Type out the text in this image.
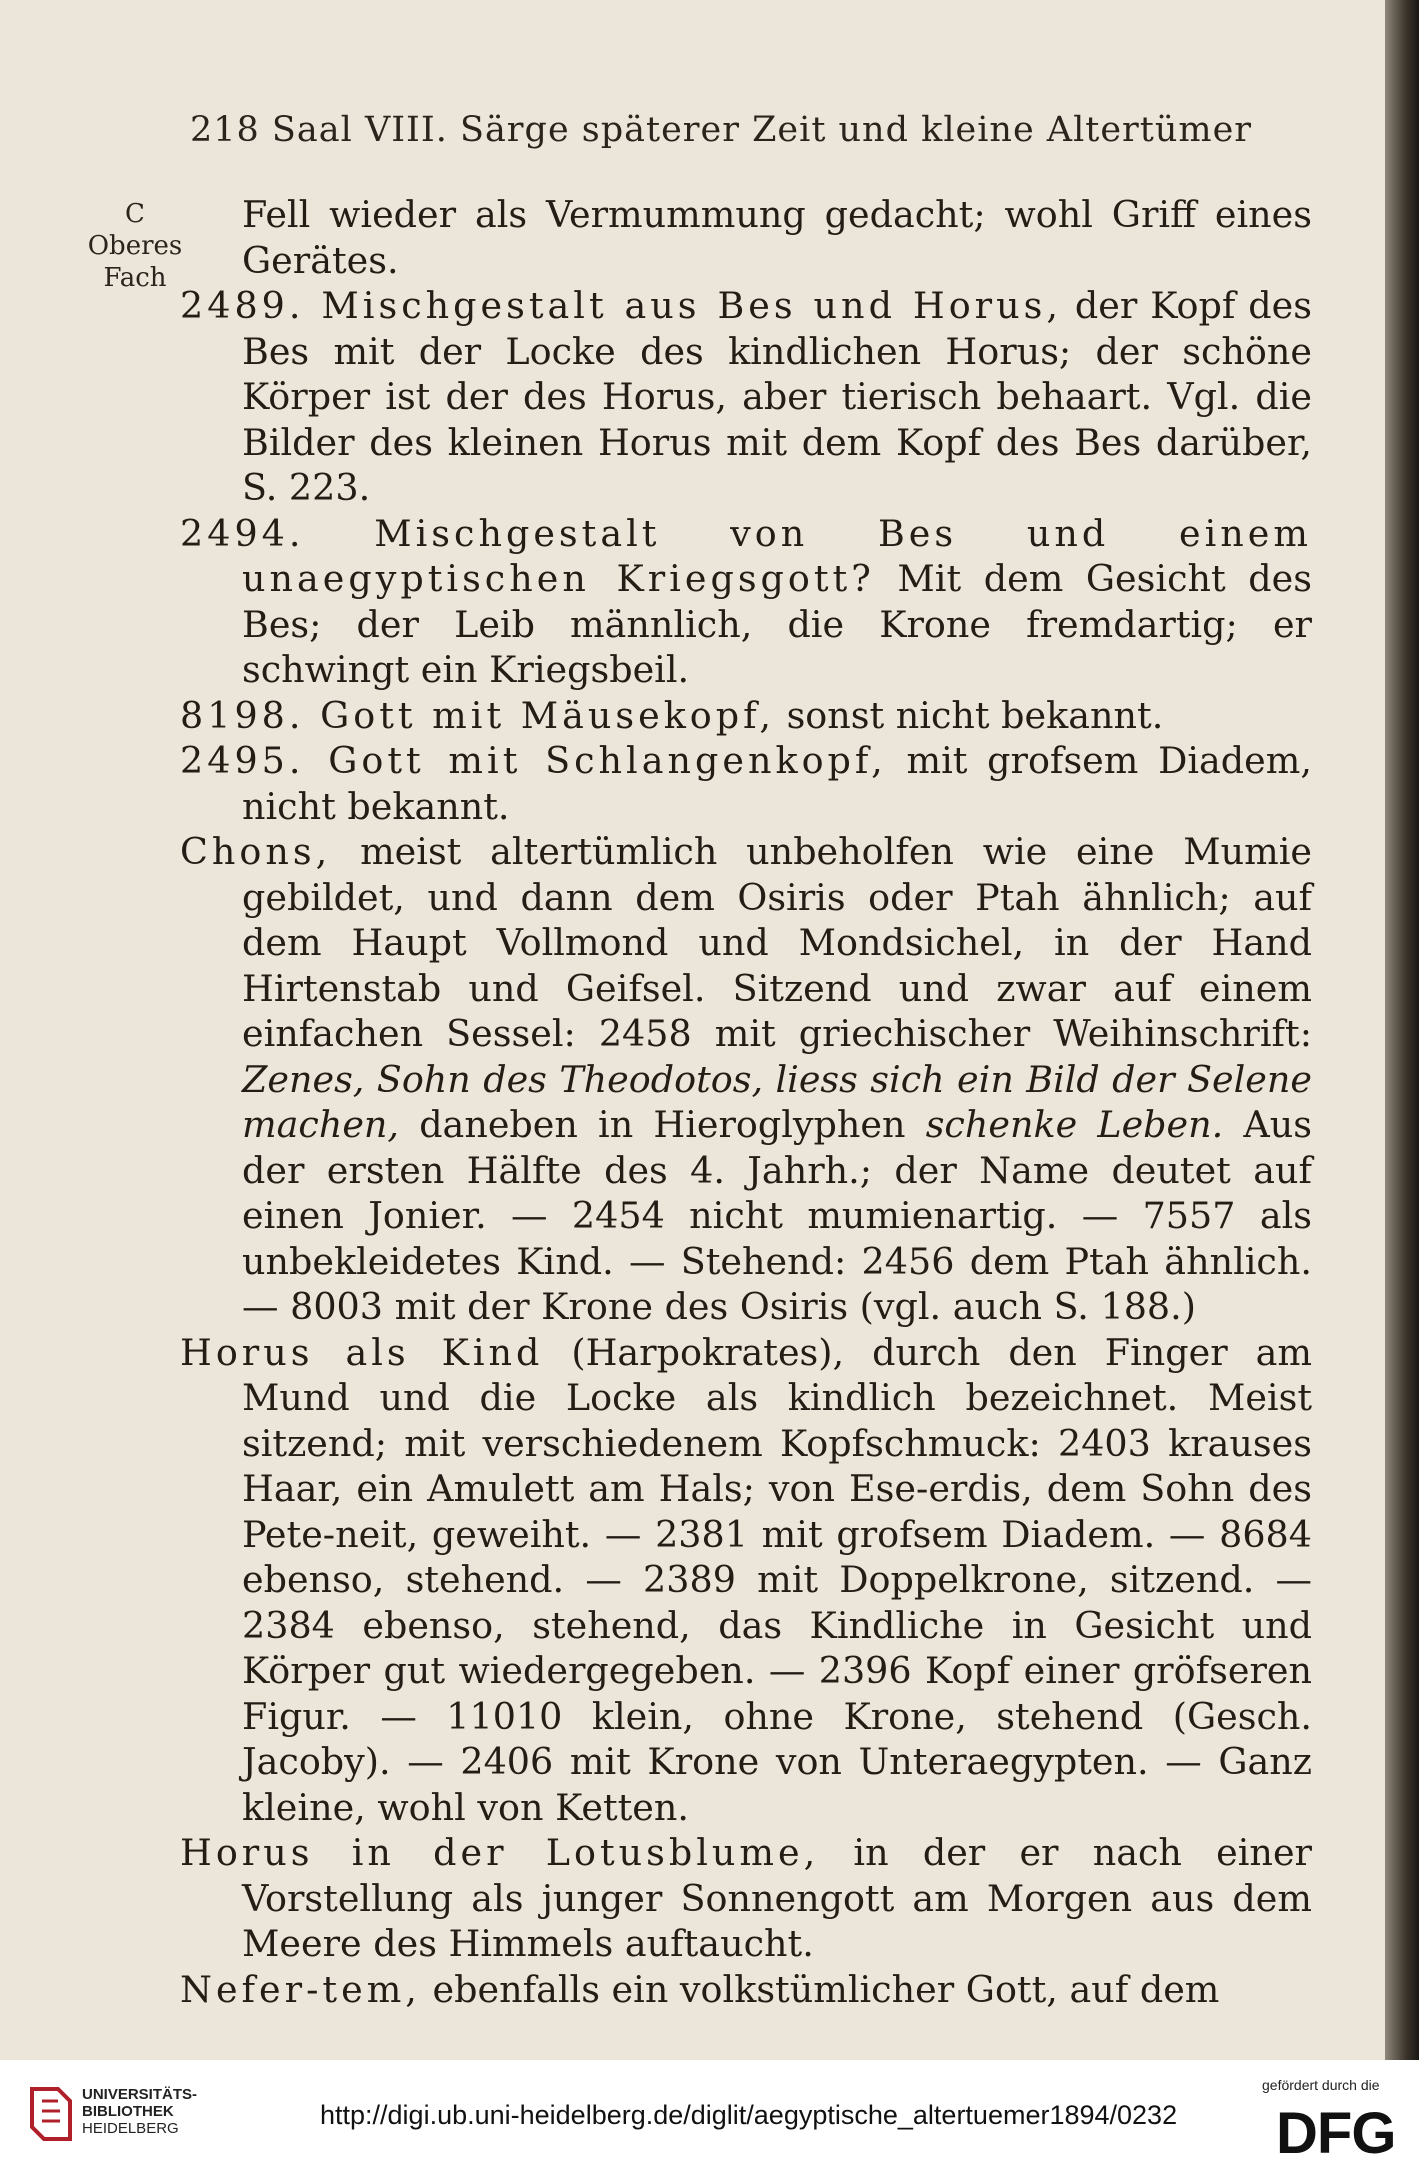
218 Saal VIII. Särge späterer Zeit und kleine Altertümer
C
Oberes
Fach
Fell wieder als Vermummung gedacht; wohl Griff eines Gerätes.
2489. Mischgestalt aus Bes und Horus, der Kopf des Bes mit der Locke des kindlichen Horus; der schöne Körper ist der des Horus, aber tierisch behaart. Vgl. die Bilder des kleinen Horus mit dem Kopf des Bes darüber, S. 223.
2494. Mischgestalt von Bes und einem unaegyptischen Kriegsgott? Mit dem Gesicht des Bes; der Leib männlich, die Krone fremdartig; er schwingt ein Kriegsbeil.
8198. Gott mit Mäusekopf, sonst nicht bekannt.
2495. Gott mit Schlangenkopf, mit grofsem Diadem, nicht bekannt.
Chons, meist altertümlich unbeholfen wie eine Mumie gebildet, und dann dem Osiris oder Ptah ähnlich; auf dem Haupt Vollmond und Mondsichel, in der Hand Hirtenstab und Geifsel. Sitzend und zwar auf einem einfachen Sessel: 2458 mit griechischer Weihinschrift: Zenes, Sohn des Theodotos, liess sich ein Bild der Selene machen, daneben in Hieroglyphen schenke Leben. Aus der ersten Hälfte des 4. Jahrh.; der Name deutet auf einen Jonier. — 2454 nicht mumienartig. — 7557 als unbekleidetes Kind. — Stehend: 2456 dem Ptah ähnlich. — 8003 mit der Krone des Osiris (vgl. auch S. 188.)
Horus als Kind (Harpokrates), durch den Finger am Mund und die Locke als kindlich bezeichnet. Meist sitzend; mit verschiedenem Kopfschmuck: 2403 krauses Haar, ein Amulett am Hals; von Ese-erdis, dem Sohn des Pete-neit, geweiht. — 2381 mit grofsem Diadem. — 8684 ebenso, stehend. — 2389 mit Doppelkrone, sitzend. — 2384 ebenso, stehend, das Kindliche in Gesicht und Körper gut wiedergegeben. — 2396 Kopf einer gröfseren Figur. — 11010 klein, ohne Krone, stehend (Gesch. Jacoby). — 2406 mit Krone von Unteraegypten. — Ganz kleine, wohl von Ketten.
Horus in der Lotusblume, in der er nach einer Vorstellung als junger Sonnengott am Morgen aus dem Meere des Himmels auftaucht.
Nefer-tem, ebenfalls ein volkstümlicher Gott, auf dem
UNIVERSITÄTS-
BIBLIOTHEK
HEIDELBERG	http://digi.ub.uni-heidelberg.de/diglit/aegyptische_altertuemer1894/0232
gefördert durch die
DFG
